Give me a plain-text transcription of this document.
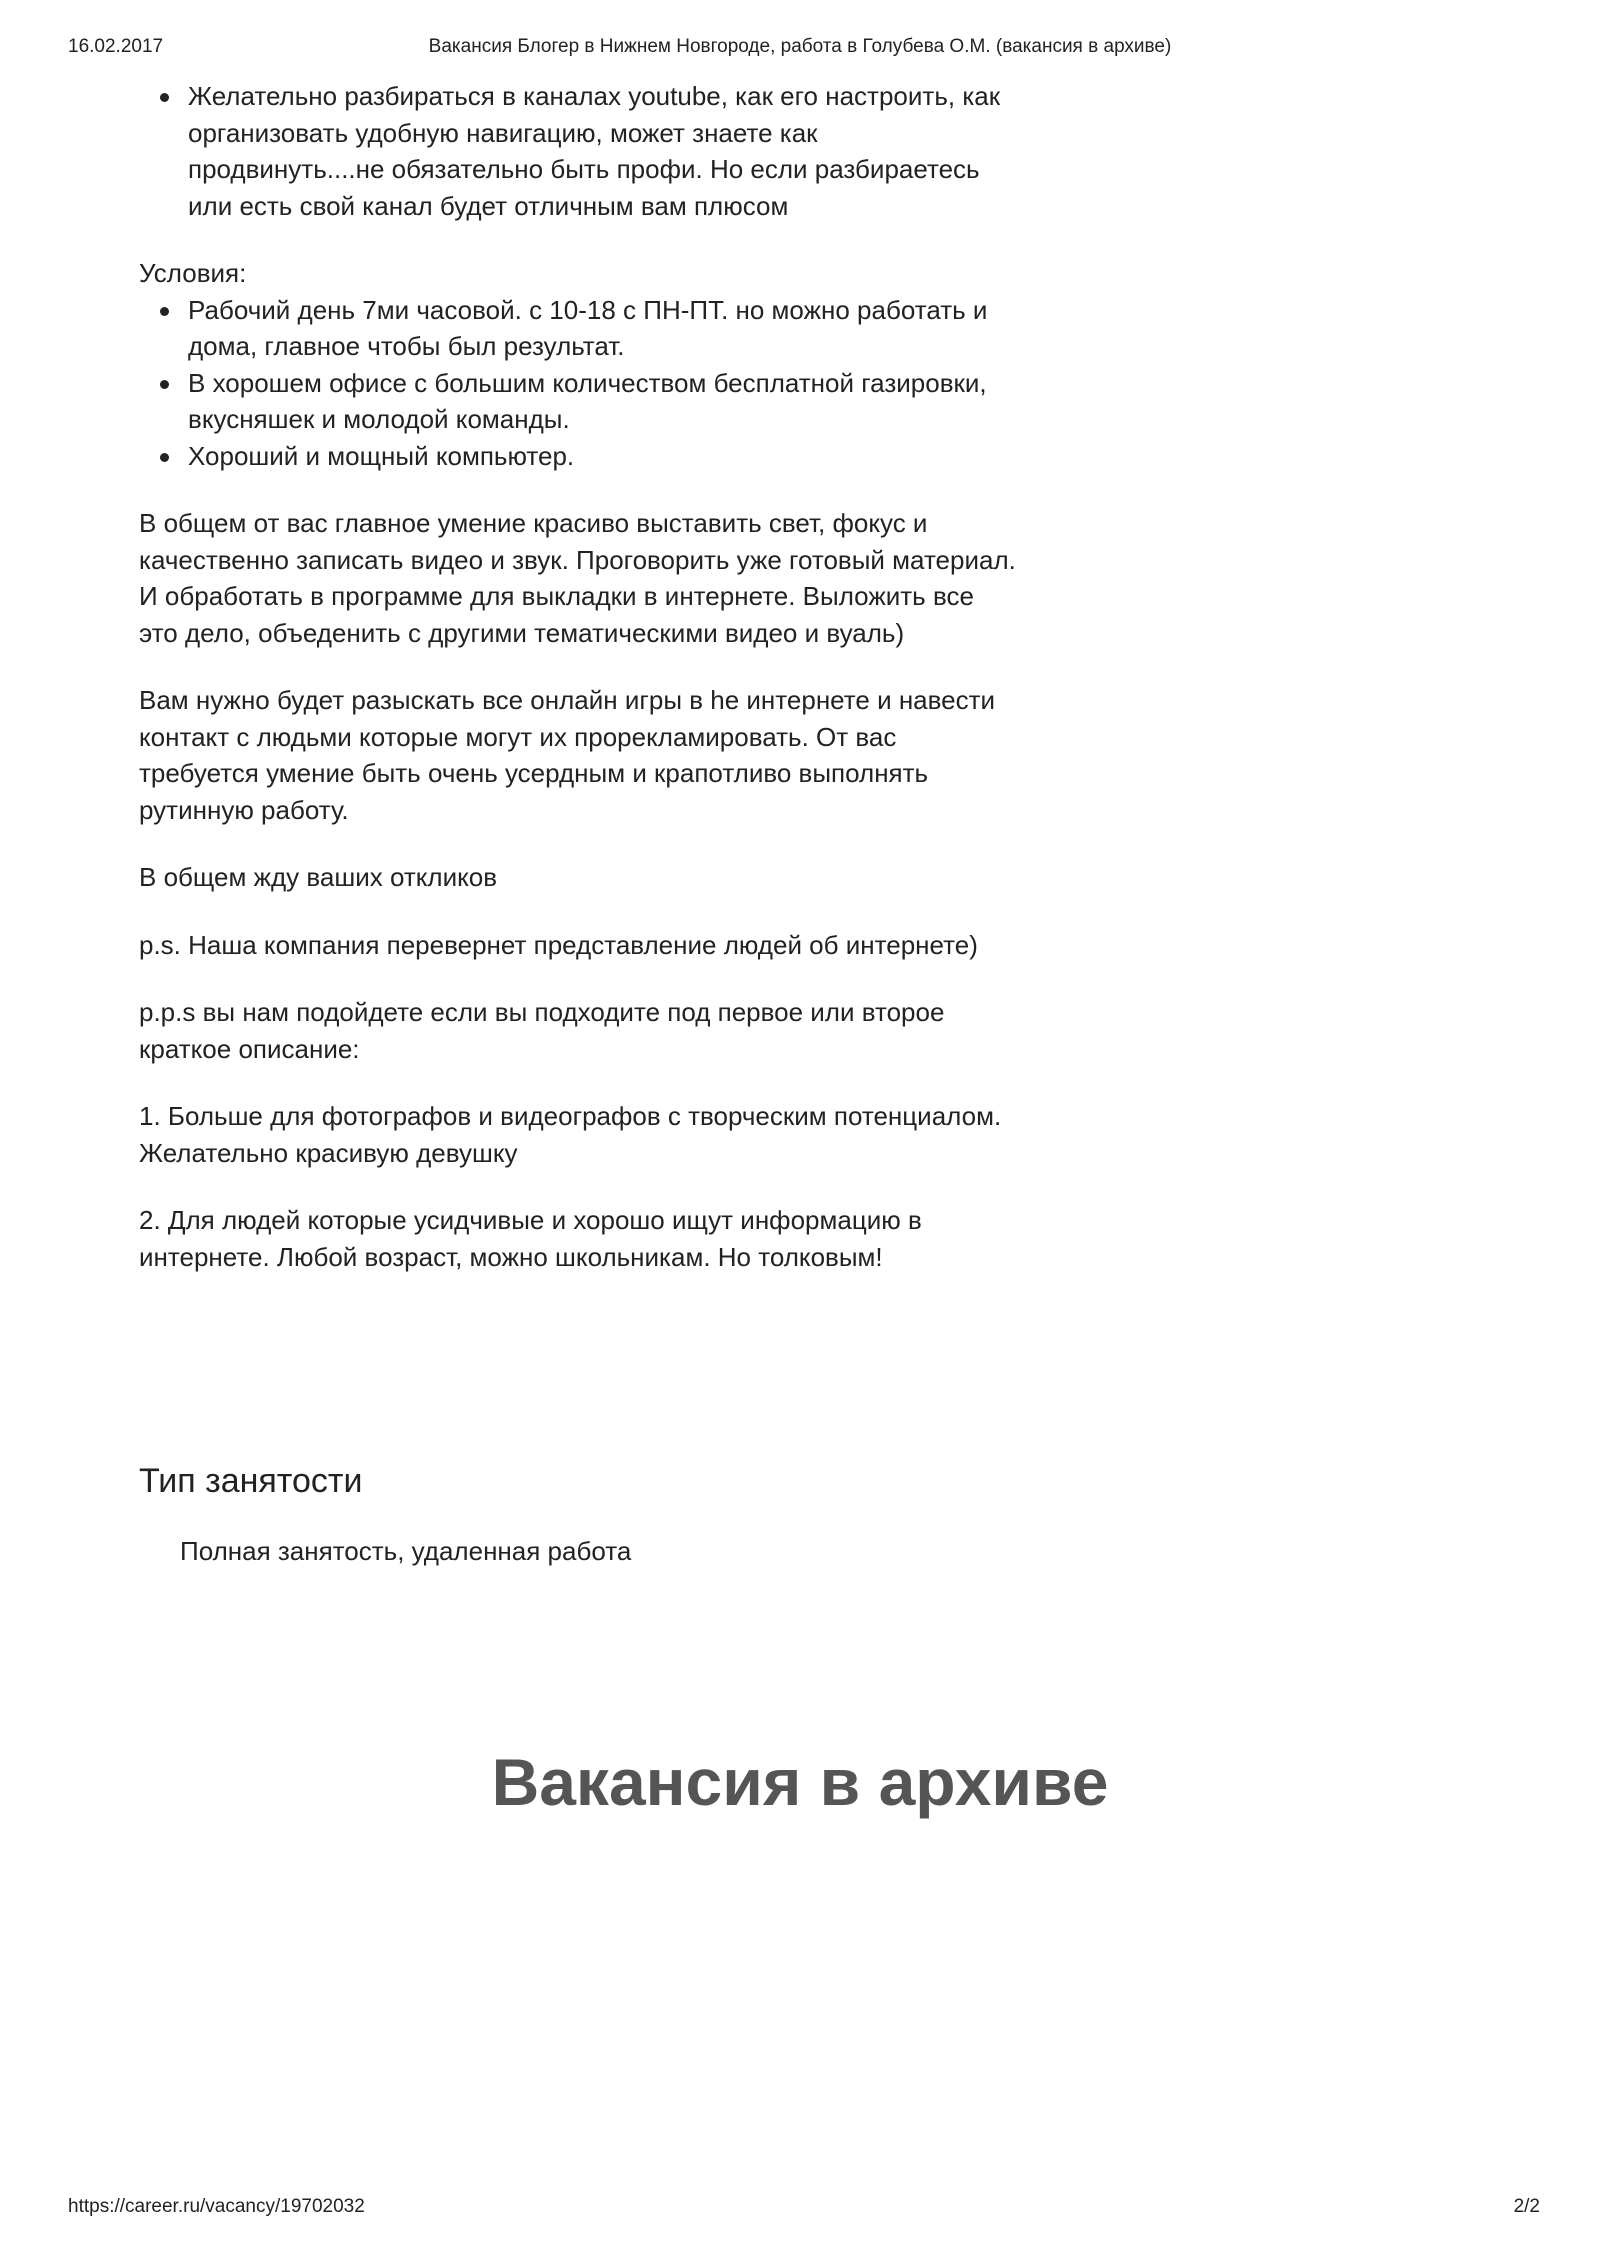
16.02.2017	Вакансия Блогер в Нижнем Новгороде, работа в Голубева О.М. (вакансия в архиве)
Желательно разбираться в каналах youtube, как его настроить, как организовать удобную навигацию, может знаете как продвинуть....не обязательно быть профи. Но если разбираетесь или есть свой канал будет отличным вам плюсом

Условия:

Рабочий день 7ми часовой. с 10-18 с ПН-ПТ. но можно работать и дома, главное чтобы был результат.
В хорошем офисе с большим количеством бесплатной газировки, вкусняшек и молодой команды.
Хороший и мощный компьютер.

В общем от вас главное умение красиво выставить свет, фокус и качественно записать видео и звук. Проговорить уже готовый материал. И обработать в программе для выкладки в интернете. Выложить все это дело, объеденить с другими тематическими видео и вуаль)

Вам нужно будет разыскать все онлайн игры в he интернете и навести контакт с людьми которые могут их прорекламировать. От вас требуется умение быть очень усердным и крапотливо выполнять рутинную работу.

В общем жду ваших откликов

p.s. Наша компания перевернет представление людей об интернете)

p.p.s вы нам подойдете если вы подходите под первое или второе краткое описание:

1. Больше для фотографов и видеографов с творческим потенциалом. Желательно красивую девушку

2. Для людей которые усидчивые и хорошо ищут информацию в интернете. Любой возраст, можно школьникам. Но толковым!

Тип занятости
Полная занятость, удаленная работа
Вакансия в архиве
https://career.ru/vacancy/19702032	2/2
